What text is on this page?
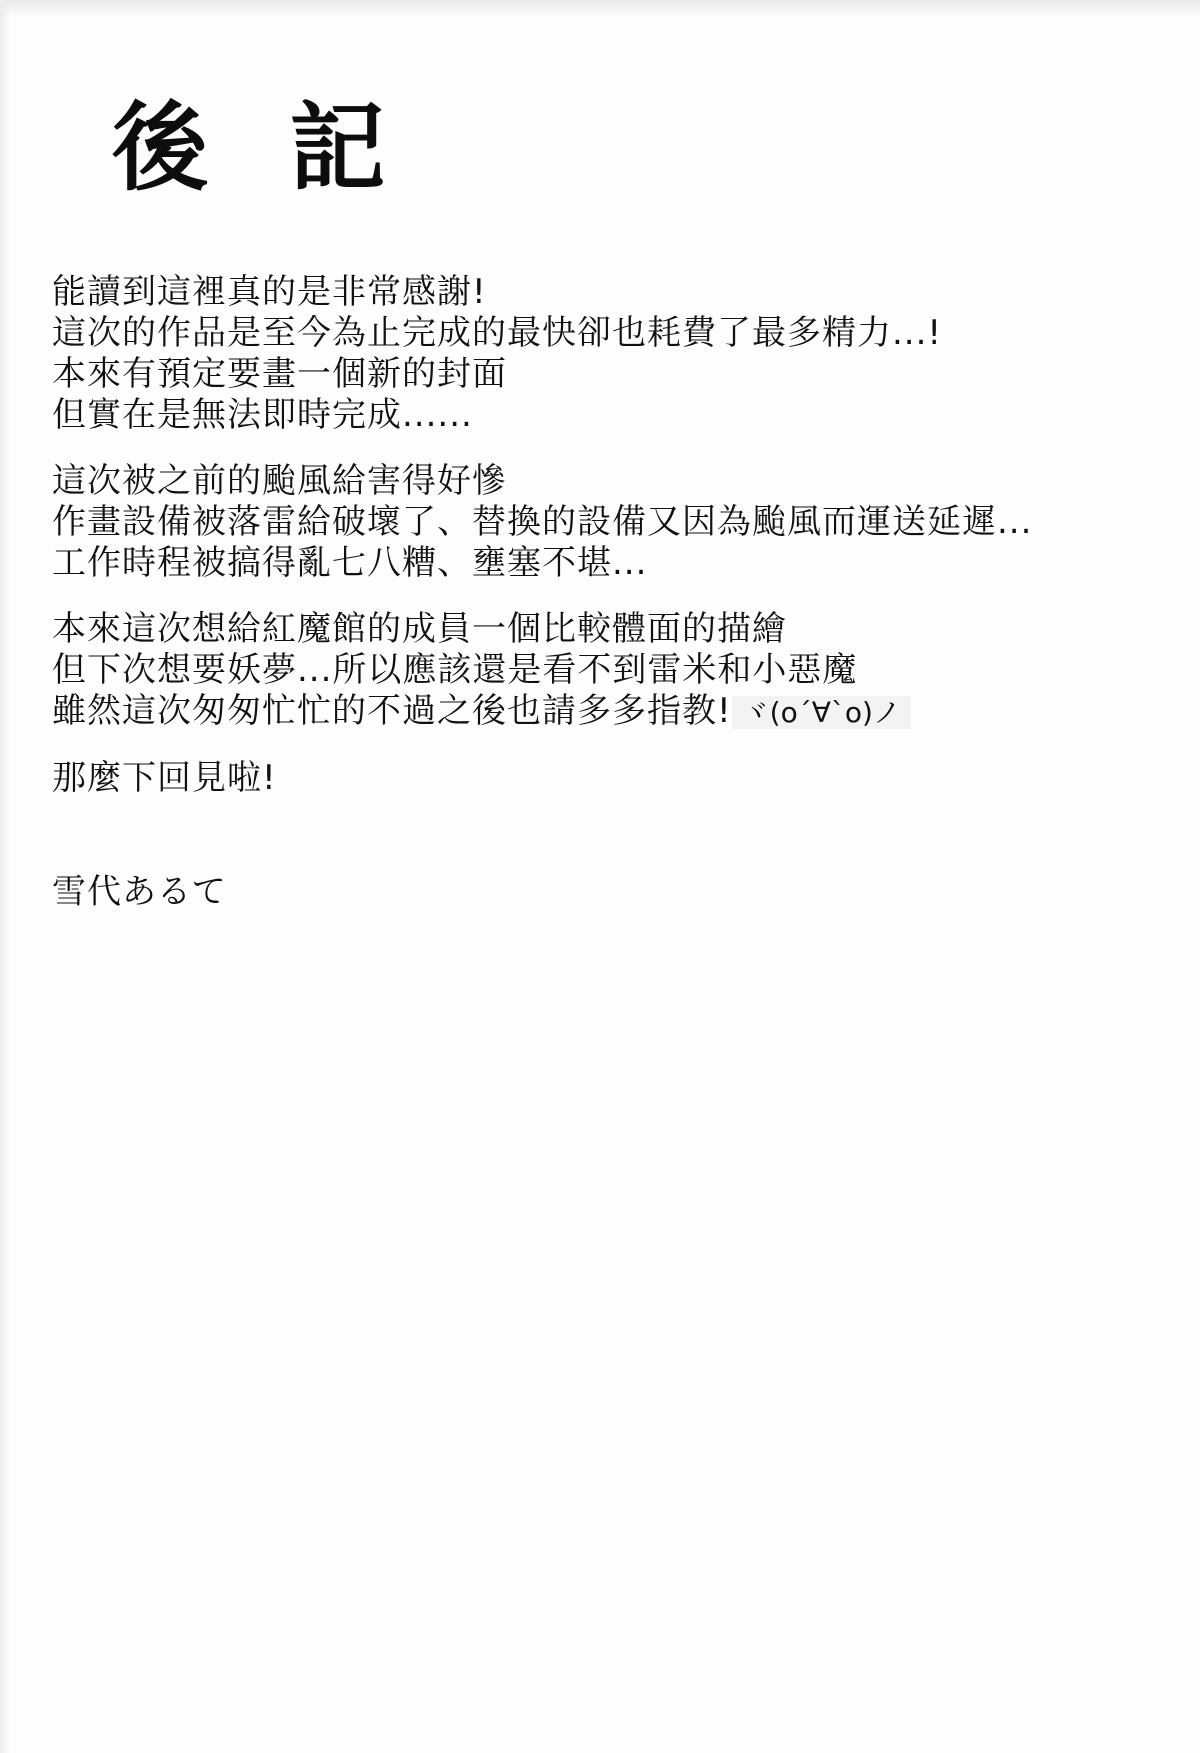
後 記

能讀到這裡真的是非常感謝!
這次的作品是至今為止完成的最快卻也耗費了最多精力...!
本來有預定要畫一個新的封面
但實在是無法即時完成......

這次被之前的颱風給害得好慘
作畫設備被落雷給破壞了、替換的設備又因為颱風而運送延遲...
工作時程被搞得亂七八糟、壅塞不堪...

本來這次想給紅魔館的成員一個比較體面的描繪
但下次想要妖夢...所以應該還是看不到雷米和小惡魔
雖然這次匆匆忙忙的不過之後也請多多指教! ヾ(o´∀`o)ノ

那麼下回見啦!

雪代あるて
